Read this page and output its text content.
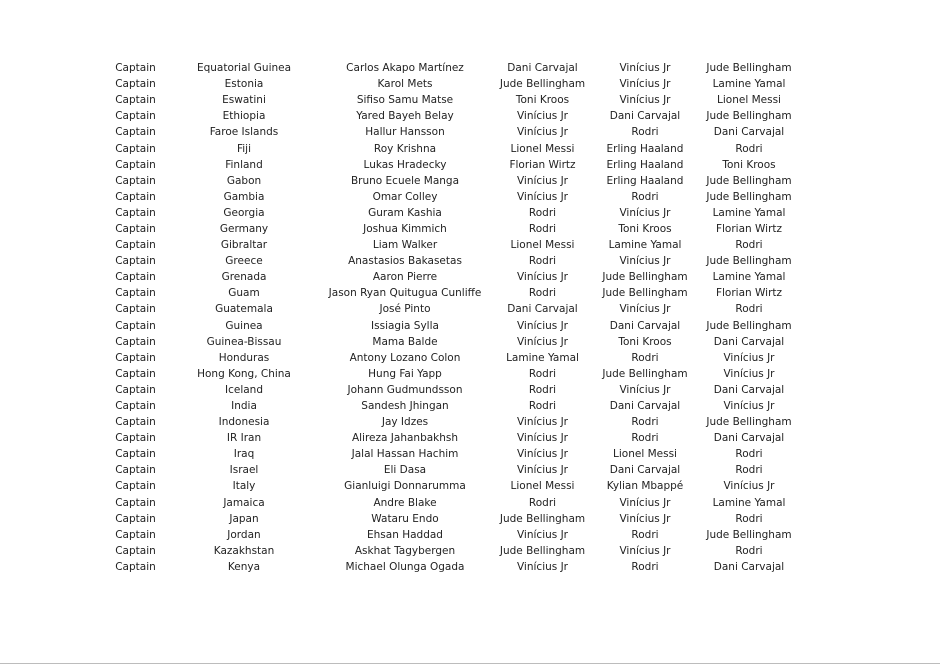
Captain	Equatorial Guinea	Carlos Akapo Martínez	Dani Carvajal	Vinícius Jr	Jude Bellingham
Captain	Estonia	Karol Mets	Jude Bellingham	Vinícius Jr	Lamine Yamal
Captain	Eswatini	Sifiso Samu Matse	Toni Kroos	Vinícius Jr	Lionel Messi
Captain	Ethiopia	Yared Bayeh Belay	Vinícius Jr	Dani Carvajal	Jude Bellingham
Captain	Faroe Islands	Hallur Hansson	Vinícius Jr	Rodri	Dani Carvajal
Captain	Fiji	Roy Krishna	Lionel Messi	Erling Haaland	Rodri
Captain	Finland	Lukas Hradecky	Florian Wirtz	Erling Haaland	Toni Kroos
Captain	Gabon	Bruno Ecuele Manga	Vinícius Jr	Erling Haaland	Jude Bellingham
Captain	Gambia	Omar Colley	Vinícius Jr	Rodri	Jude Bellingham
Captain	Georgia	Guram Kashia	Rodri	Vinícius Jr	Lamine Yamal
Captain	Germany	Joshua Kimmich	Rodri	Toni Kroos	Florian Wirtz
Captain	Gibraltar	Liam Walker	Lionel Messi	Lamine Yamal	Rodri
Captain	Greece	Anastasios Bakasetas	Rodri	Vinícius Jr	Jude Bellingham
Captain	Grenada	Aaron Pierre	Vinícius Jr	Jude Bellingham	Lamine Yamal
Captain	Guam	Jason Ryan Quitugua Cunliffe	Rodri	Jude Bellingham	Florian Wirtz
Captain	Guatemala	José Pinto	Dani Carvajal	Vinícius Jr	Rodri
Captain	Guinea	Issiagia Sylla	Vinícius Jr	Dani Carvajal	Jude Bellingham
Captain	Guinea-Bissau	Mama Balde	Vinícius Jr	Toni Kroos	Dani Carvajal
Captain	Honduras	Antony Lozano Colon	Lamine Yamal	Rodri	Vinícius Jr
Captain	Hong Kong, China	Hung Fai Yapp	Rodri	Jude Bellingham	Vinícius Jr
Captain	Iceland	Johann Gudmundsson	Rodri	Vinícius Jr	Dani Carvajal
Captain	India	Sandesh Jhingan	Rodri	Dani Carvajal	Vinícius Jr
Captain	Indonesia	Jay Idzes	Vinícius Jr	Rodri	Jude Bellingham
Captain	IR Iran	Alireza Jahanbakhsh	Vinícius Jr	Rodri	Dani Carvajal
Captain	Iraq	Jalal Hassan Hachim	Vinícius Jr	Lionel Messi	Rodri
Captain	Israel	Eli Dasa	Vinícius Jr	Dani Carvajal	Rodri
Captain	Italy	Gianluigi Donnarumma	Lionel Messi	Kylian Mbappé	Vinícius Jr
Captain	Jamaica	Andre Blake	Rodri	Vinícius Jr	Lamine Yamal
Captain	Japan	Wataru Endo	Jude Bellingham	Vinícius Jr	Rodri
Captain	Jordan	Ehsan Haddad	Vinícius Jr	Rodri	Jude Bellingham
Captain	Kazakhstan	Askhat Tagybergen	Jude Bellingham	Vinícius Jr	Rodri
Captain	Kenya	Michael Olunga Ogada	Vinícius Jr	Rodri	Dani Carvajal
